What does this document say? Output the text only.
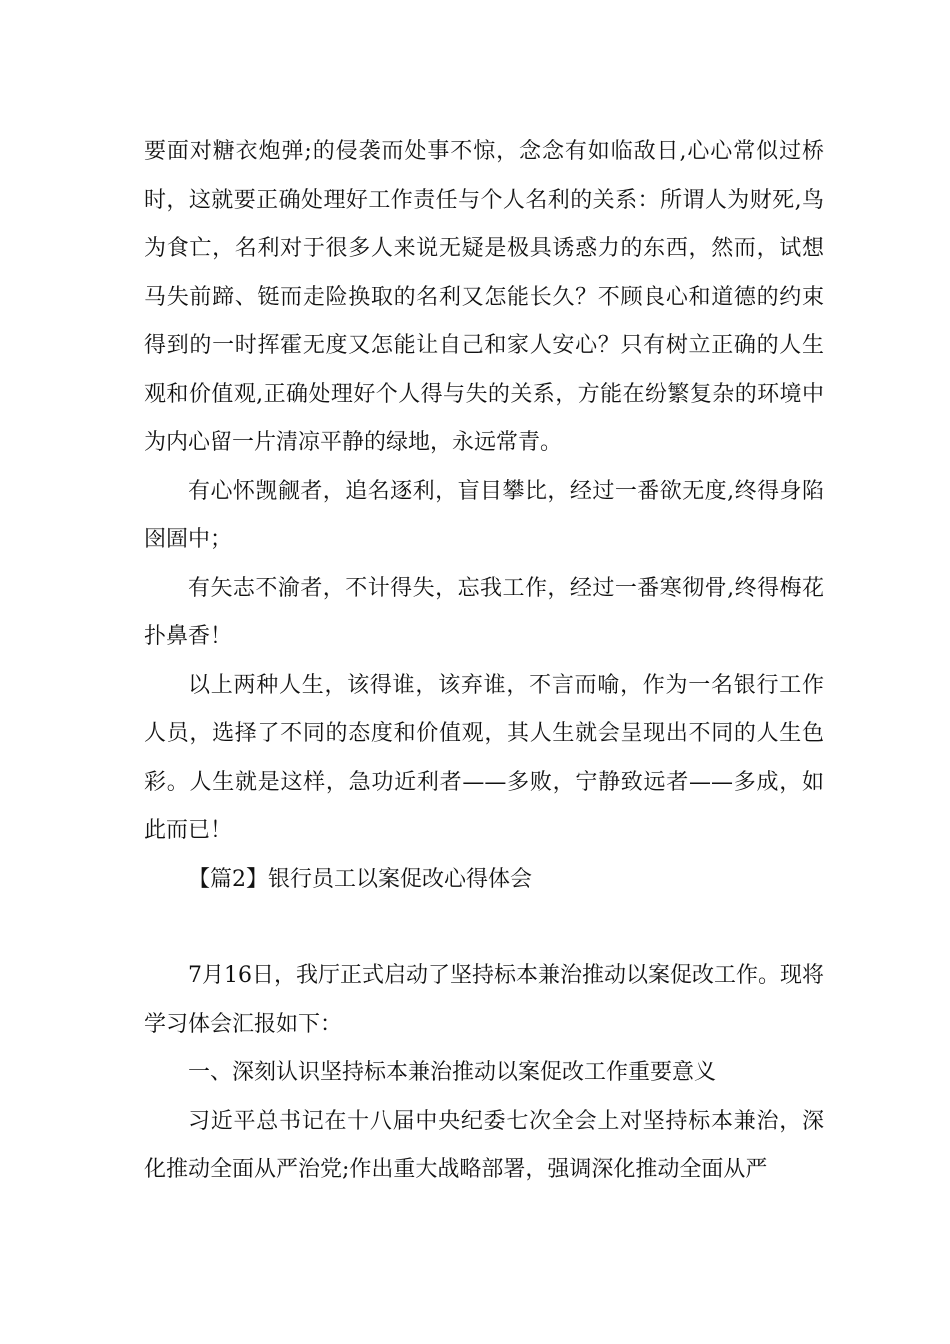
要面对糖衣炮弹;的侵袭而处事不惊，念念有如临敌日,心心常似过桥时，这就要正确处理好工作责任与个人名利的关系：所谓人为财死,鸟为食亡，名利对于很多人来说无疑是极具诱惑力的东西，然而，试想马失前蹄、铤而走险换取的名利又怎能长久？不顾良心和道德的约束得到的一时挥霍无度又怎能让自己和家人安心？只有树立正确的人生观和价值观,正确处理好个人得与失的关系，方能在纷繁复杂的环境中为内心留一片清凉平静的绿地，永远常青。

有心怀觊觎者，追名逐利，盲目攀比，经过一番欲无度,终得身陷囹圄中；

有矢志不渝者，不计得失，忘我工作，经过一番寒彻骨,终得梅花扑鼻香！

以上两种人生，该得谁，该弃谁，不言而喻，作为一名银行工作人员，选择了不同的态度和价值观，其人生就会呈现出不同的人生色彩。人生就是这样，急功近利者——多败，宁静致远者——多成，如此而已！

【篇2】银行员工以案促改心得体会

7月16日，我厅正式启动了坚持标本兼治推动以案促改工作。现将学习体会汇报如下：

一、深刻认识坚持标本兼治推动以案促改工作重要意义

习近平总书记在十八届中央纪委七次全会上对坚持标本兼治，深化推动全面从严治党;作出重大战略部署，强调深化推动全面从严
